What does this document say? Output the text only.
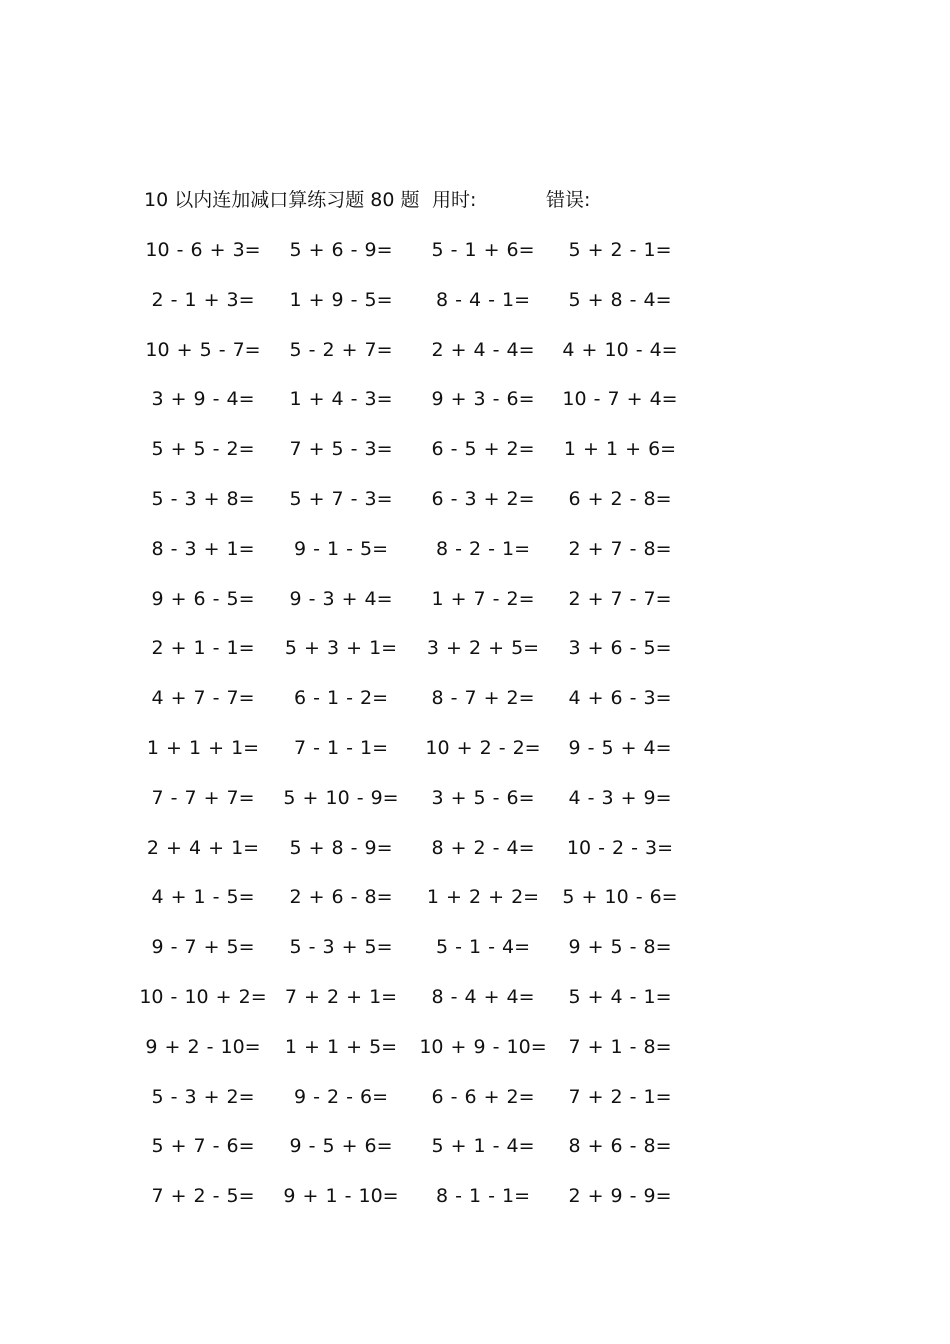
10 以内连加减口算练习题 80 题 用时:	错误:
10 - 6 + 3=	5 + 6 - 9=	5 - 1 + 6=	5 + 2 - 1=
2 - 1 + 3=	1 + 9 - 5=	8 - 4 - 1=	5 + 8 - 4=
10 + 5 - 7=	5 - 2 + 7=	2 + 4 - 4=	4 + 10 - 4=
3 + 9 - 4=	1 + 4 - 3=	9 + 3 - 6=	10 - 7 + 4=
5 + 5 - 2=	7 + 5 - 3=	6 - 5 + 2=	1 + 1 + 6=
5 - 3 + 8=	5 + 7 - 3=	6 - 3 + 2=	6 + 2 - 8=
8 - 3 + 1=	9 - 1 - 5=	8 - 2 - 1=	2 + 7 - 8=
9 + 6 - 5=	9 - 3 + 4=	1 + 7 - 2=	2 + 7 - 7=
2 + 1 - 1=	5 + 3 + 1=	3 + 2 + 5=	3 + 6 - 5=
4 + 7 - 7=	6 - 1 - 2=	8 - 7 + 2=	4 + 6 - 3=
1 + 1 + 1=	7 - 1 - 1=	10 + 2 - 2=	9 - 5 + 4=
7 - 7 + 7=	5 + 10 - 9=	3 + 5 - 6=	4 - 3 + 9=
2 + 4 + 1=	5 + 8 - 9=	8 + 2 - 4=	10 - 2 - 3=
4 + 1 - 5=	2 + 6 - 8=	1 + 2 + 2=	5 + 10 - 6=
9 - 7 + 5=	5 - 3 + 5=	5 - 1 - 4=	9 + 5 - 8=
10 - 10 + 2= 7 + 2 + 1=	8 - 4 + 4=	5 + 4 - 1=
9 + 2 - 10=	1 + 1 + 5=	10 + 9 - 10=	7 + 1 - 8=
5 - 3 + 2=	9 - 2 - 6=	6 - 6 + 2=	7 + 2 - 1=
5 + 7 - 6=	9 - 5 + 6=	5 + 1 - 4=	8 + 6 - 8=
7 + 2 - 5=	9 + 1 - 10=	8 - 1 - 1=	2 + 9 - 9=
